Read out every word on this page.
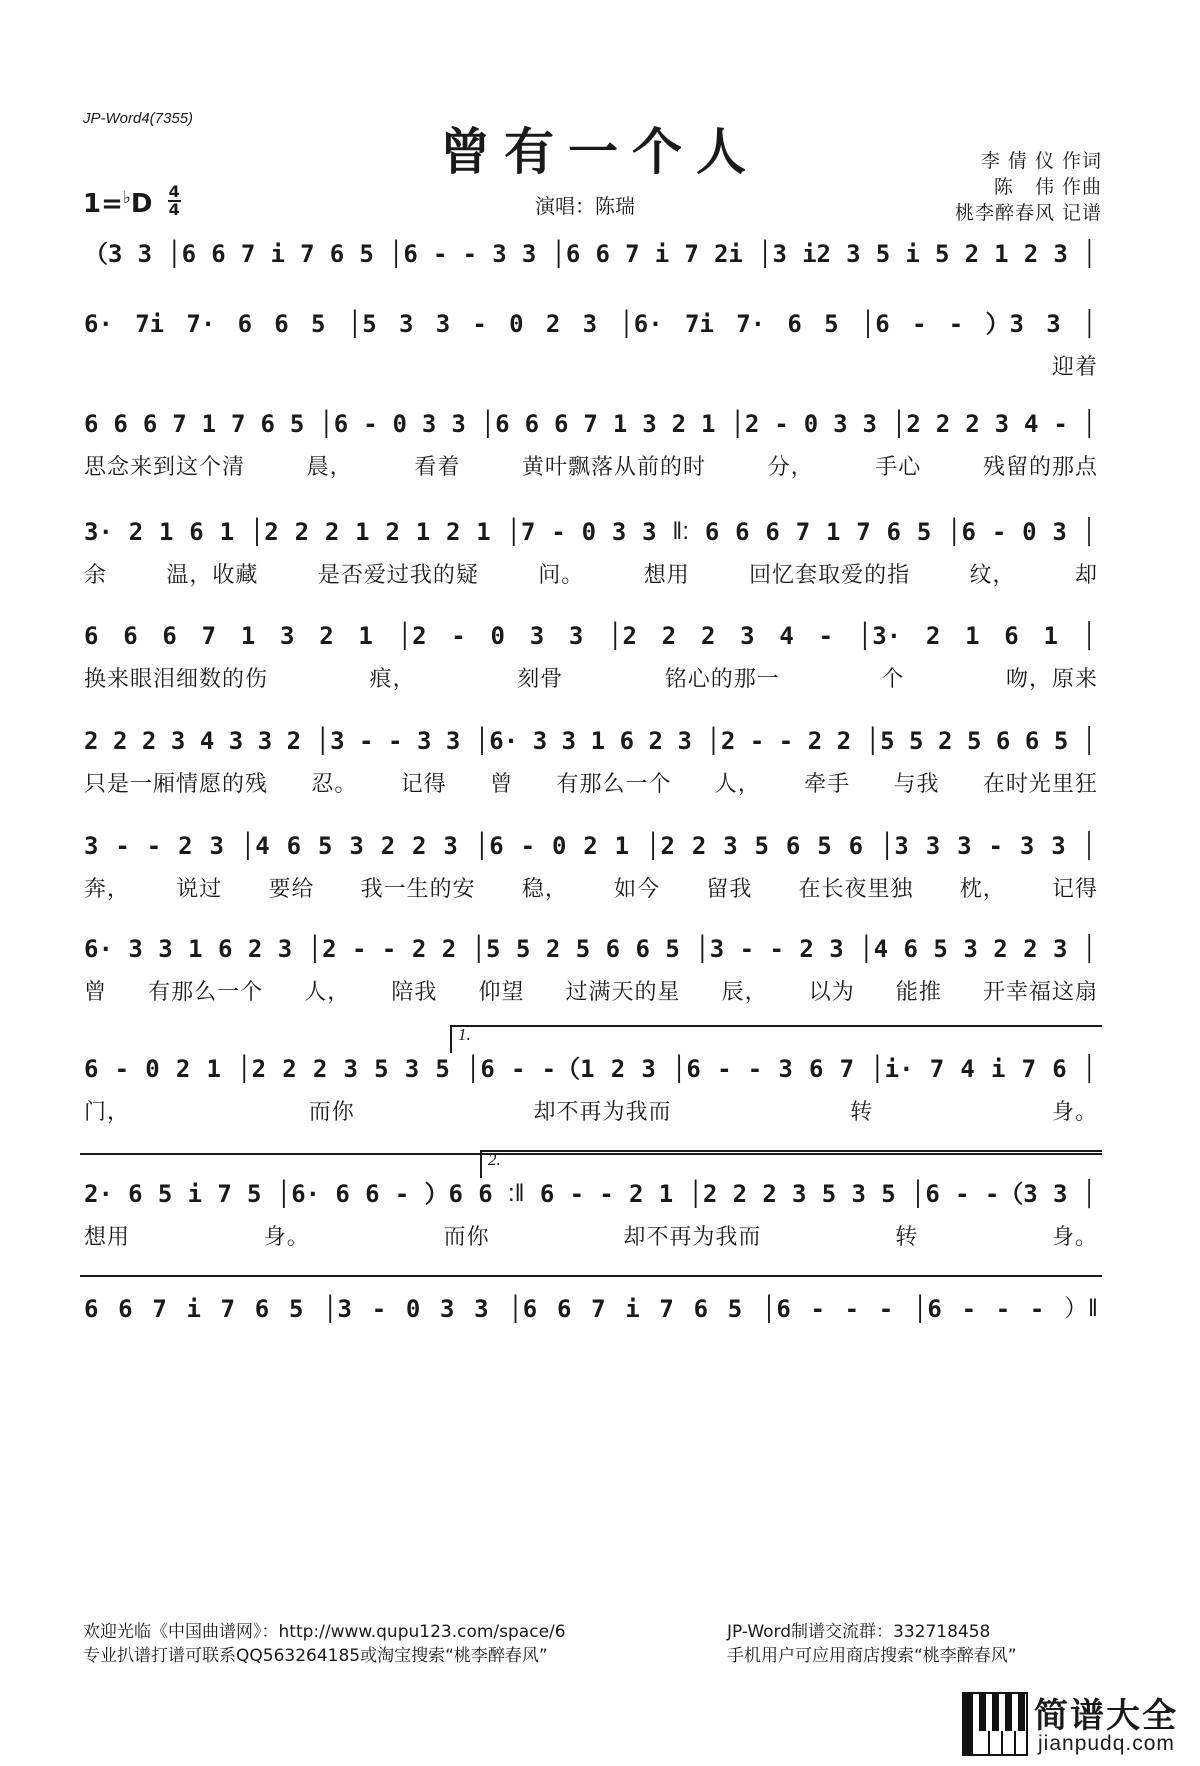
JP-Word4(7355)
曾有一个人
$1=^♭D \frac{4}{4}$	演唱：陈瑞
李 倩 仪 作词
陈   伟 作曲
桃李醉春风 记谱
（3 3 │6 6 7 i 7 6 5 │6 - - 3 3 │6 6 7 i 7 2i │3 i2 3 5 i 5 2 1 2 3 │
6· 7i 7· 6 6 5 │5 3 3 - 0 2 3 │6· 7i 7· 6 5 │6 - - ）3 3 │
迎着
6 6 6 7 1 7 6 5 │6 - 0 3 3 │6 6 6 7 1 3 2 1 │2 - 0 3 3 │2 2 2 3 4 - │
思念来到这个清	晨，	看着	黄叶飘落从前的时	分，	手心	残留的那点
3· 2 1 6 1 │2 2 2 1 2 1 2 1 │7 - 0 3 3 ‖: 6 6 6 7 1 7 6 5 │6 - 0 3 │
余	温，收藏	是否爱过我的疑	问。	想用	回忆套取爱的指	纹，	却
6 6 6 7 1 3 2 1 │2 - 0 3 3 │2 2 2 3 4 - │3· 2 1 6 1 │
换来眼泪细数的伤	痕，	刻骨	铭心的那一	个	吻，原来
2 2 2 3 4 3 3 2 │3 - - 3 3 │6· 3 3 1 6 2 3 │2 - - 2 2 │5 5 2 5 6 6 5 │
只是一厢情愿的残 忍。 记得 曾 有那么一个 人， 牵手 与我 在时光里狂
3 - - 2 3 │4 6 5 3 2 2 3 │6 - 0 2 1 │2 2 3 5 6 5 6 │3 3 3 - 3 3 │
奔， 说过 要给 我一生的安 稳， 如今 留我 在长夜里独 枕， 记得
6· 3 3 1 6 2 3 │2 - - 2 2 │5 5 2 5 6 6 5 │3 - - 2 3 │4 6 5 3 2 2 3 │
曾 有那么一个 人， 陪我 仰望 过满天的星 辰， 以为 能推 开幸福这扇
6 - 0 2 1 │2 2 2 3 5 3 5 │6 - -（1 2 3 │6 - - 3 6 7 │i· 7 4 i 7 6 │
门，	而你	却不再为我而	转	身。
1.
2· 6 5 i 7 5 │6· 6 6 - ）6 6 :‖ 6 - - 2 1 │2 2 2 3 5 3 5 │6 - -（3 3 │
想用	身。	而你	却不再为我而	转	身。
2.
6 6 7 i 7 6 5 │3 - 0 3 3 │6 6 7 i 7 6 5 │6 - - - │6 - - - ）‖
欢迎光临《中国曲谱网》：http://www.qupu123.com/space/6
专业扒谱打谱可联系QQ563264185或淘宝搜索“桃李醉春风”
JP-Word制谱交流群：332718458
手机用户可应用商店搜索“桃李醉春风”
简谱大全
jianpudq.com
